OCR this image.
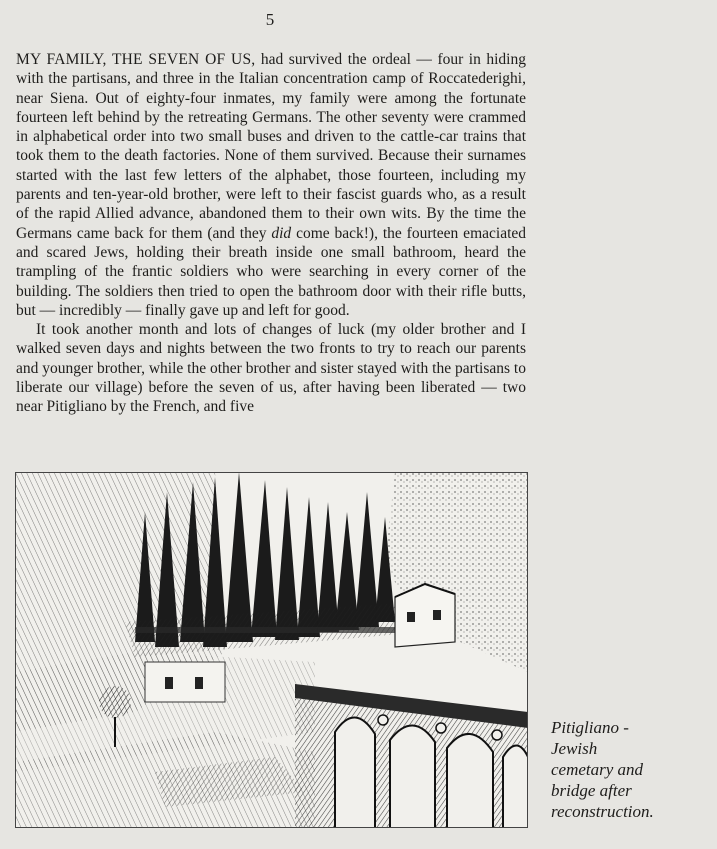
5

MY FAMILY, THE SEVEN OF US, had survived the ordeal — four in hiding with the partisans, and three in the Italian concentration camp of Roccatederighi, near Siena. Out of eighty-four inmates, my family were among the fortunate fourteen left behind by the retreating Germans. The other seventy were crammed in alphabetical order into two small buses and driven to the cattle-car trains that took them to the death factories. None of them survived. Because their surnames started with the last few letters of the alphabet, those fourteen, including my parents and ten-year-old brother, were left to their fascist guards who, as a result of the rapid Allied advance, abandoned them to their own wits. By the time the Germans came back for them (and they did come back!), the fourteen emaciated and scared Jews, holding their breath inside one small bathroom, heard the trampling of the frantic soldiers who were searching in every corner of the building. The soldiers then tried to open the bathroom door with their rifle butts, but — incredibly — finally gave up and left for good.

It took another month and lots of changes of luck (my older brother and I walked seven days and nights between the two fronts to try to reach our parents and younger brother, while the other brother and sister stayed with the partisans to liberate our village) before the seven of us, after having been liberated — two near Pitigliano by the French, and five

Pitigliano -
Jewish
cemetary and
bridge after
reconstruction.
